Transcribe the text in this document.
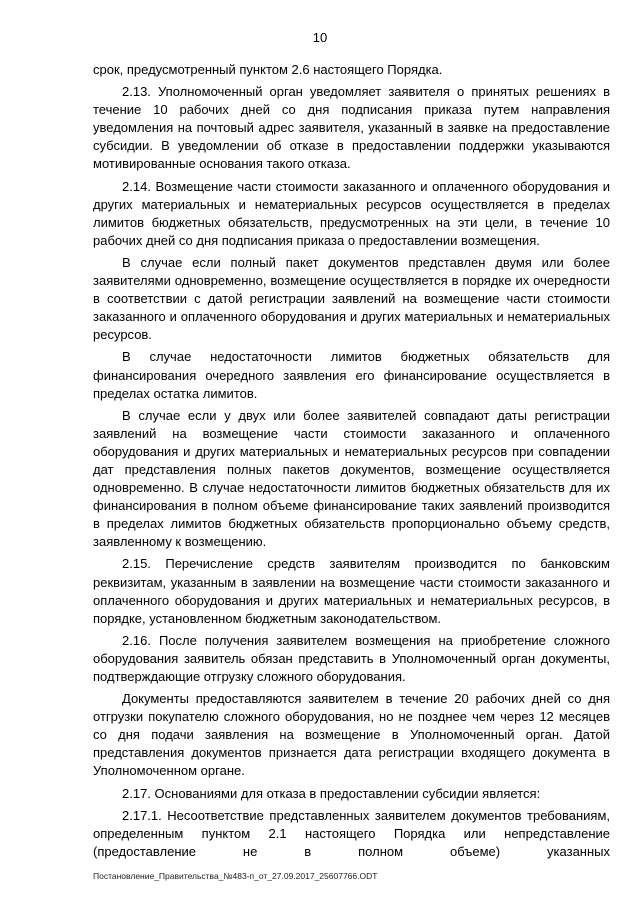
10

срок, предусмотренный пунктом 2.6 настоящего Порядка.

2.13. Уполномоченный орган уведомляет заявителя о принятых решениях в течение 10 рабочих дней со дня подписания приказа путем направления уведомления на почтовый адрес заявителя, указанный в заявке на предоставление субсидии. В уведомлении об отказе в предоставлении поддержки указываются мотивированные основания такого отказа.

2.14. Возмещение части стоимости заказанного и оплаченного оборудования и других материальных и нематериальных ресурсов осуществляется в пределах лимитов бюджетных обязательств, предусмотренных на эти цели, в течение 10 рабочих дней со дня подписания приказа о предоставлении возмещения.

В случае если полный пакет документов представлен двумя или более заявителями одновременно, возмещение осуществляется в порядке их очередности в соответствии с датой регистрации заявлений на возмещение части стоимости заказанного и оплаченного оборудования и других материальных и нематериальных ресурсов.

В случае недостаточности лимитов бюджетных обязательств для финансирования очередного заявления его финансирование осуществляется в пределах остатка лимитов.

В случае если у двух или более заявителей совпадают даты регистрации заявлений на возмещение части стоимости заказанного и оплаченного оборудования и других материальных и нематериальных ресурсов при совпадении дат представления полных пакетов документов, возмещение осуществляется одновременно. В случае недостаточности лимитов бюджетных обязательств для их финансирования в полном объеме финансирование таких заявлений производится в пределах лимитов бюджетных обязательств пропорционально объему средств, заявленному к возмещению.

2.15. Перечисление средств заявителям производится по банковским реквизитам, указанным в заявлении на возмещение части стоимости заказанного и оплаченного оборудования и других материальных и нематериальных ресурсов, в порядке, установленном бюджетным законодательством.

2.16. После получения заявителем возмещения на приобретение сложного оборудования заявитель обязан представить в Уполномоченный орган документы, подтверждающие отгрузку сложного оборудования.

Документы предоставляются заявителем в течение 20 рабочих дней со дня отгрузки покупателю сложного оборудования, но не позднее чем через 12 месяцев со дня подачи заявления на возмещение в Уполномоченный орган. Датой представления документов признается дата регистрации входящего документа в Уполномоченном органе.

2.17. Основаниями для отказа в предоставлении субсидии является:

2.17.1. Несоответствие представленных заявителем документов требованиям, определенным пунктом 2.1 настоящего Порядка или непредставление (предоставление не в полном объеме) указанных

Постановление_Правительства_№483-п_от_27.09.2017_25607766.ODT
